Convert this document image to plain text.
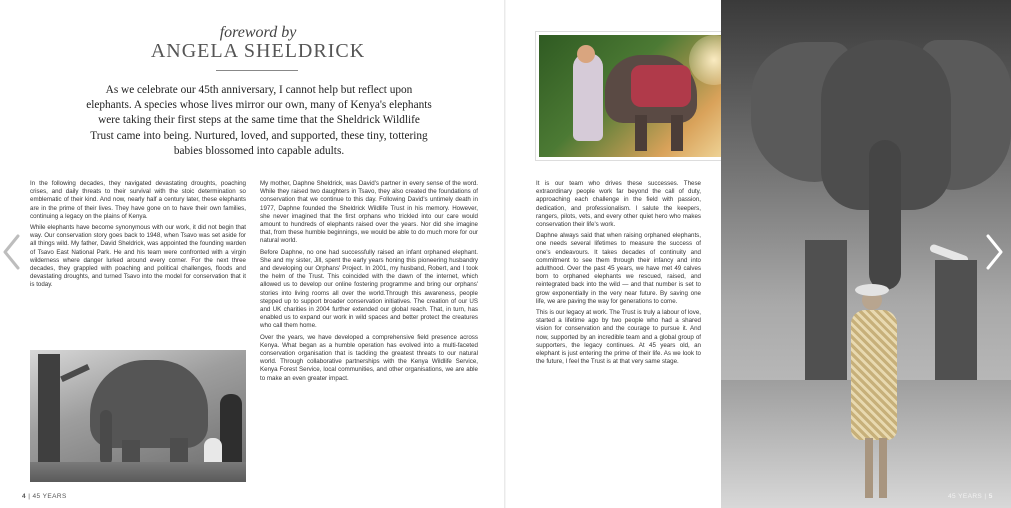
foreword by
ANGELA SHELDRICK

As we celebrate our 45th anniversary, I cannot help but reflect upon elephants. A species whose lives mirror our own, many of Kenya's elephants were taking their first steps at the same time that the Sheldrick Wildlife Trust came into being. Nurtured, loved, and supported, these tiny, tottering babies blossomed into capable adults.

In the following decades, they navigated devastating droughts, poaching crises, and daily threats to their survival with the stoic determination so emblematic of their kind. And now, nearly half a century later, these elephants are in the prime of their lives. They have gone on to have their own families, continuing a legacy on the plains of Kenya.

While elephants have become synonymous with our work, it did not begin that way. Our conservation story goes back to 1948, when Tsavo was set aside for all things wild. My father, David Sheldrick, was appointed the founding warden of Tsavo East National Park. He and his team were confronted with a virgin wilderness where danger lurked around every corner. For the next three decades, they grappled with poaching and political challenges, floods and devastating droughts, and turned Tsavo into the model for conservation that it is today.

My mother, Daphne Sheldrick, was David's partner in every sense of the word. While they raised two daughters in Tsavo, they also created the foundations of conservation that we continue to this day. Following David's untimely death in 1977, Daphne founded the Sheldrick Wildlife Trust in his memory. However, she never imagined that the first orphans who trickled into our care would amount to hundreds of elephants raised over the years. Nor did she imagine that, from these humble beginnings, we would be able to do much more for our natural world.

Before Daphne, no one had successfully raised an infant orphaned elephant. She and my sister, Jill, spent the early years honing this pioneering husbandry and developing our Orphans' Project. In 2001, my husband, Robert, and I took the helm of the Trust. This coincided with the dawn of the internet, which allowed us to develop our online fostering programme and bring our orphans' stories into living rooms all over the world.Through this awareness, people stepped up to support broader conservation initiatives. The creation of our US and UK charities in 2004 further extended our global reach. That, in turn, has enabled us to expand our work in wild spaces and better protect the creatures who call them home.

Over the years, we have developed a comprehensive field presence across Kenya. What began as a humble operation has evolved into a multi-faceted conservation organisation that is tackling the greatest threats to our natural world. Through collaborative partnerships with the Kenya Wildlife Service, Kenya Forest Service, local communities, and other organisations, we are able to make an even greater impact.

4 | 45 YEARS

It is our team who drives these successes. These extraordinary people work far beyond the call of duty, approaching each challenge in the field with passion, dedication, and professionalism. I salute the keepers, rangers, pilots, vets, and every other quiet hero who makes conservation their life's work.

Daphne always said that when raising orphaned elephants, one needs several lifetimes to measure the success of one's endeavours. It takes decades of continuity and commitment to see them through their infancy and into adulthood. Over the past 45 years, we have met 49 calves born to orphaned elephants we rescued, raised, and reintegrated back into the wild — and that number is set to grow exponentially in the very near future. By saving one life, we are paving the way for generations to come.

This is our legacy at work. The Trust is truly a labour of love, started a lifetime ago by two people who had a shared vision for conservation and the courage to pursue it. And now, supported by an incredible team and a global group of supporters, the legacy continues. At 45 years old, an elephant is just entering the prime of their life. As we look to the future, I feel the Trust is at that very same stage.

45 YEARS | 5
